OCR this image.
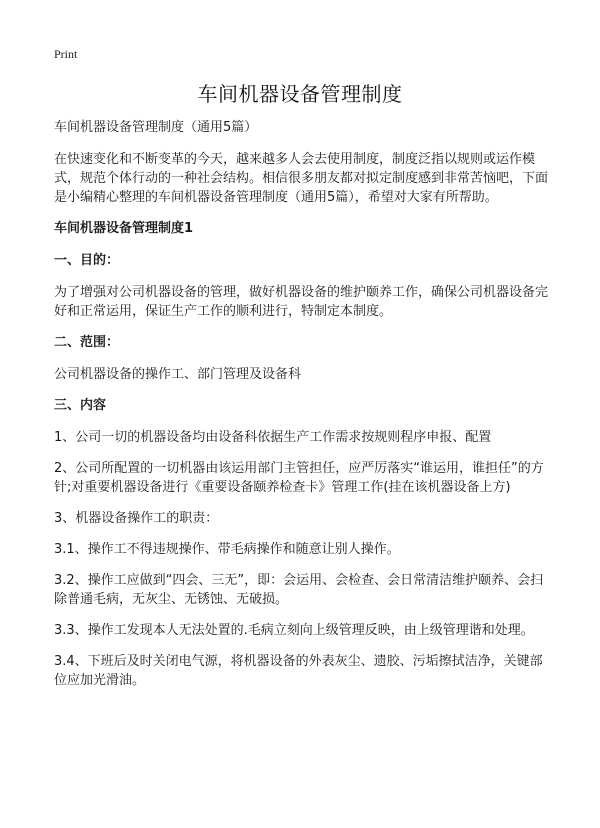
Print
车间机器设备管理制度

车间机器设备管理制度（通用5篇）

在快速变化和不断变革的今天，越来越多人会去使用制度，制度泛指以规则或运作模式，规范个体行动的一种社会结构。相信很多朋友都对拟定制度感到非常苦恼吧，下面是小编精心整理的车间机器设备管理制度（通用5篇），希望对大家有所帮助。

车间机器设备管理制度1

一、目的：

为了增强对公司机器设备的管理，做好机器设备的维护颐养工作，确保公司机器设备完好和正常运用，保证生产工作的顺利进行，特制定本制度。

二、范围：

公司机器设备的操作工、部门管理及设备科

三、内容

1、公司一切的机器设备均由设备科依据生产工作需求按规则程序申报、配置

2、公司所配置的一切机器由该运用部门主管担任，应严厉落实“谁运用，谁担任”的方针;对重要机器设备进行《重要设备颐养检查卡》管理工作(挂在该机器设备上方)

3、机器设备操作工的职责：

3.1、操作工不得违规操作、带毛病操作和随意让别人操作。

3.2、操作工应做到“四会、三无”，即：会运用、会检查、会日常清洁维护颐养、会扫除普通毛病，无灰尘、无锈蚀、无破损。

3.3、操作工发现本人无法处置的.毛病立刻向上级管理反映，由上级管理谐和处理。

3.4、下班后及时关闭电气源，将机器设备的外表灰尘、遗胶、污垢擦拭洁净，关键部位应加光滑油。
